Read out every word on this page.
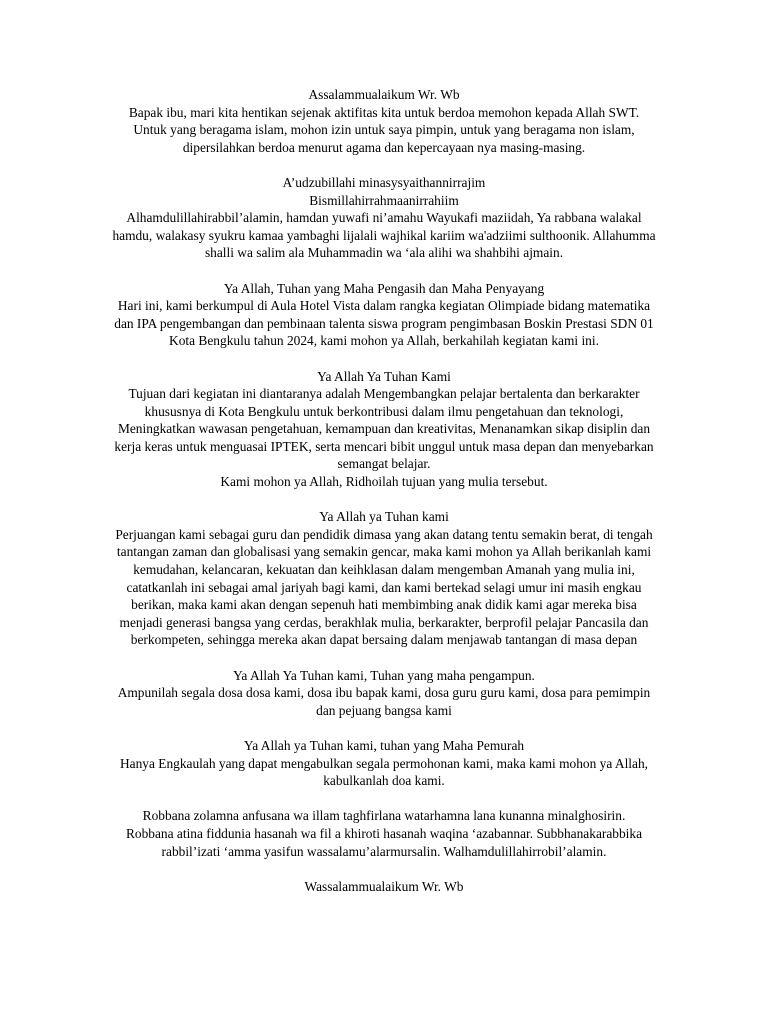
Assalammualaikum Wr. Wb
Bapak ibu, mari kita hentikan sejenak aktifitas kita untuk berdoa memohon kepada Allah SWT.
Untuk yang beragama islam, mohon izin untuk saya pimpin, untuk yang beragama non islam,
dipersilahkan berdoa menurut agama dan kepercayaan nya masing-masing.
A’udzubillahi minasysyaithannirrajim
Bismillahirrahmaanirrahiim
Alhamdulillahirabbil’alamin, hamdan yuwafi ni’amahu Wayukafi maziidah, Ya rabbana walakal
hamdu, walakasy syukru kamaa yambaghi lijalali wajhikal kariim wa'adziimi sulthoonik. Allahumma
shalli wa salim ala Muhammadin wa ‘ala alihi wa shahbihi ajmain.
Ya Allah, Tuhan yang Maha Pengasih dan Maha Penyayang
Hari ini, kami berkumpul di Aula Hotel Vista dalam rangka kegiatan Olimpiade bidang matematika
dan IPA pengembangan dan pembinaan talenta siswa program pengimbasan Boskin Prestasi SDN 01
Kota Bengkulu tahun 2024, kami mohon ya Allah, berkahilah kegiatan kami ini.
Ya Allah Ya Tuhan Kami
Tujuan dari kegiatan ini diantaranya adalah Mengembangkan pelajar bertalenta dan berkarakter
khususnya di Kota Bengkulu untuk berkontribusi dalam ilmu pengetahuan dan teknologi,
Meningkatkan wawasan pengetahuan, kemampuan dan kreativitas, Menanamkan sikap disiplin dan
kerja keras untuk menguasai IPTEK, serta mencari bibit unggul untuk masa depan dan menyebarkan
semangat belajar.
Kami mohon ya Allah, Ridhoilah tujuan yang mulia tersebut.
Ya Allah ya Tuhan kami
Perjuangan kami sebagai guru dan pendidik dimasa yang akan datang tentu semakin berat, di tengah
tantangan zaman dan globalisasi yang semakin gencar, maka kami mohon ya Allah berikanlah kami
kemudahan, kelancaran, kekuatan dan keihklasan dalam mengemban Amanah yang mulia ini,
catatkanlah ini sebagai amal jariyah bagi kami, dan kami bertekad selagi umur ini masih engkau
berikan, maka kami akan dengan sepenuh hati membimbing anak didik kami agar mereka bisa
menjadi generasi bangsa yang cerdas, berakhlak mulia, berkarakter, berprofil pelajar Pancasila dan
berkompeten, sehingga mereka akan dapat bersaing dalam menjawab tantangan di masa depan
Ya Allah Ya Tuhan kami, Tuhan yang maha pengampun.
Ampunilah segala dosa dosa kami, dosa ibu bapak kami, dosa guru guru kami, dosa para pemimpin
dan pejuang bangsa kami
Ya Allah ya Tuhan kami, tuhan yang Maha Pemurah
Hanya Engkaulah yang dapat mengabulkan segala permohonan kami, maka kami mohon ya Allah,
kabulkanlah doa kami.
Robbana zolamna anfusana wa illam taghfirlana watarhamna lana kunanna minalghosirin.
Robbana atina fiddunia hasanah wa fil a khiroti hasanah waqina ‘azabannar. Subbhanakarabbika
rabbil’izati ‘amma yasifun wassalamu’alarmursalin. Walhamdulillahirrobil’alamin.
Wassalammualaikum Wr. Wb
